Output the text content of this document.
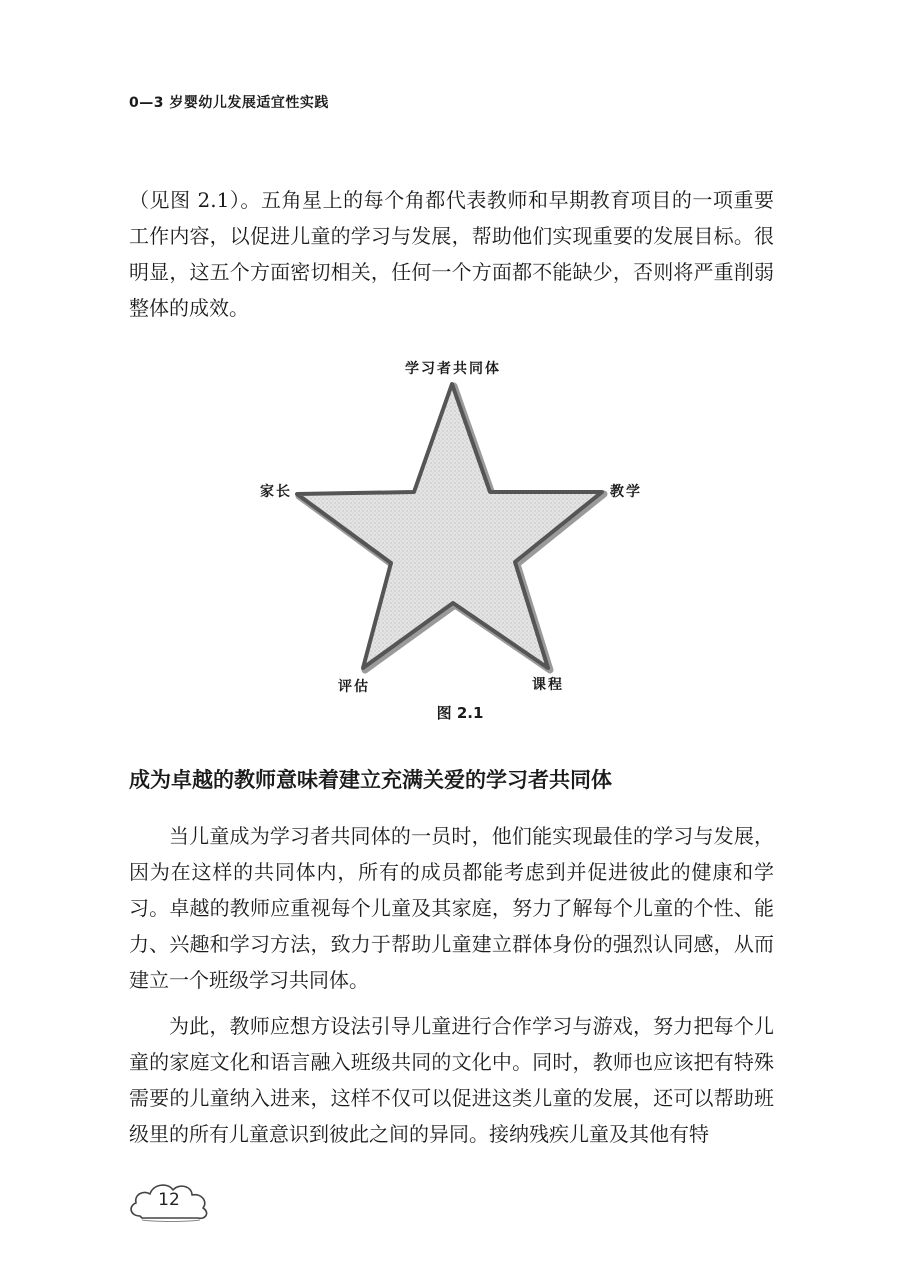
0—3 岁婴幼儿发展适宜性实践

（见图 2.1）。五角星上的每个角都代表教师和早期教育项目的一项重要工作内容，以促进儿童的学习与发展，帮助他们实现重要的发展目标。很明显，这五个方面密切相关，任何一个方面都不能缺少，否则将严重削弱整体的成效。

学习者共同体
家长	教学
评估	课程
图 2.1
成为卓越的教师意味着建立充满关爱的学习者共同体

当儿童成为学习者共同体的一员时，他们能实现最佳的学习与发展，因为在这样的共同体内，所有的成员都能考虑到并促进彼此的健康和学习。卓越的教师应重视每个儿童及其家庭，努力了解每个儿童的个性、能力、兴趣和学习方法，致力于帮助儿童建立群体身份的强烈认同感，从而建立一个班级学习共同体。

为此，教师应想方设法引导儿童进行合作学习与游戏，努力把每个儿童的家庭文化和语言融入班级共同的文化中。同时，教师也应该把有特殊需要的儿童纳入进来，这样不仅可以促进这类儿童的发展，还可以帮助班级里的所有儿童意识到彼此之间的异同。接纳残疾儿童及其他有特

12
